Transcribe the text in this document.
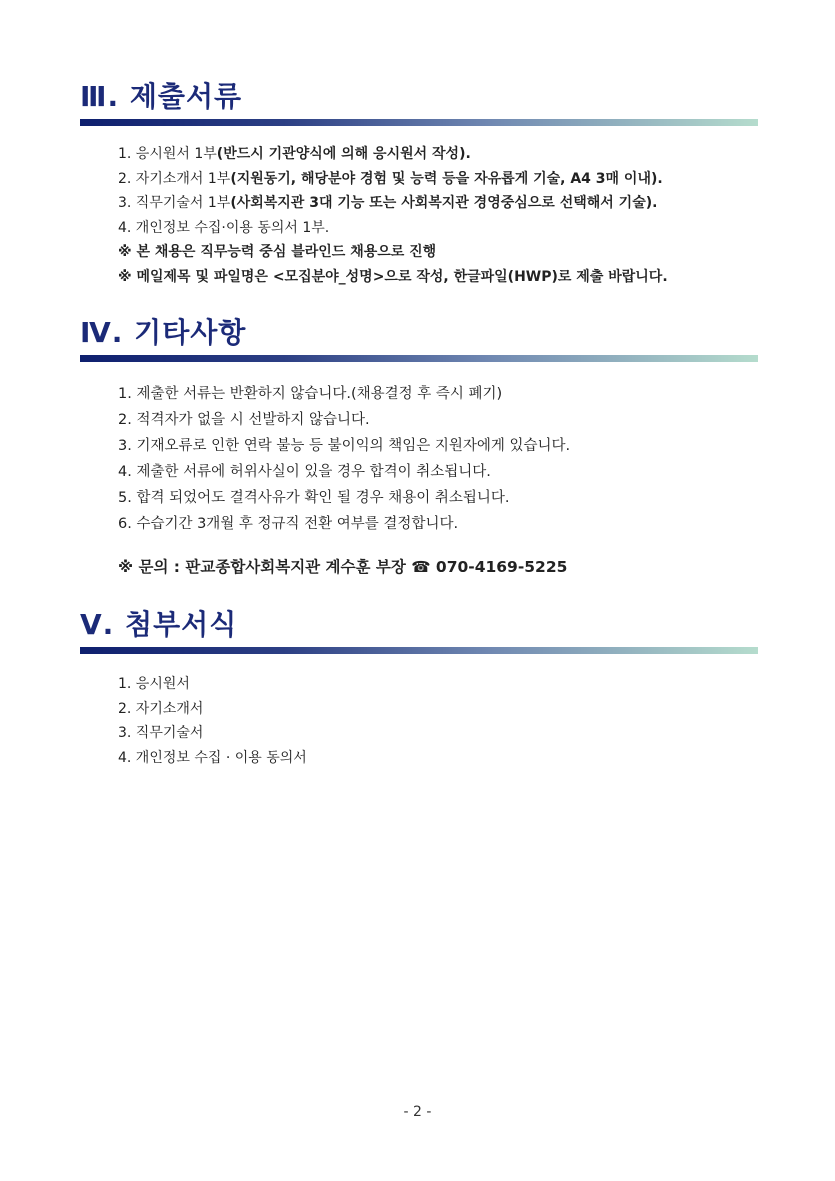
Ⅲ. 제출서류
1. 응시원서 1부(반드시 기관양식에 의해 응시원서 작성).
2. 자기소개서 1부(지원동기, 해당분야 경험 및 능력 등을 자유롭게 기술, A4 3매 이내).
3. 직무기술서 1부(사회복지관 3대 기능 또는 사회복지관 경영중심으로 선택해서 기술).
4. 개인정보 수집·이용 동의서 1부.
※ 본 채용은 직무능력 중심 블라인드 채용으로 진행
※ 메일제목 및 파일명은 <모집분야_성명>으로 작성, 한글파일(HWP)로 제출 바랍니다.
Ⅳ. 기타사항
1. 제출한 서류는 반환하지 않습니다.(채용결정 후 즉시 폐기)
2. 적격자가 없을 시 선발하지 않습니다.
3. 기재오류로 인한 연락 불능 등 불이익의 책임은 지원자에게 있습니다.
4. 제출한 서류에 허위사실이 있을 경우 합격이 취소됩니다.
5. 합격 되었어도 결격사유가 확인 될 경우 채용이 취소됩니다.
6. 수습기간 3개월 후 정규직 전환 여부를 결정합니다.
※ 문의 : 판교종합사회복지관 계수훈 부장 ☎ 070-4169-5225
Ⅴ. 첨부서식
1. 응시원서
2. 자기소개서
3. 직무기술서
4. 개인정보 수집 · 이용 동의서
- 2 -
